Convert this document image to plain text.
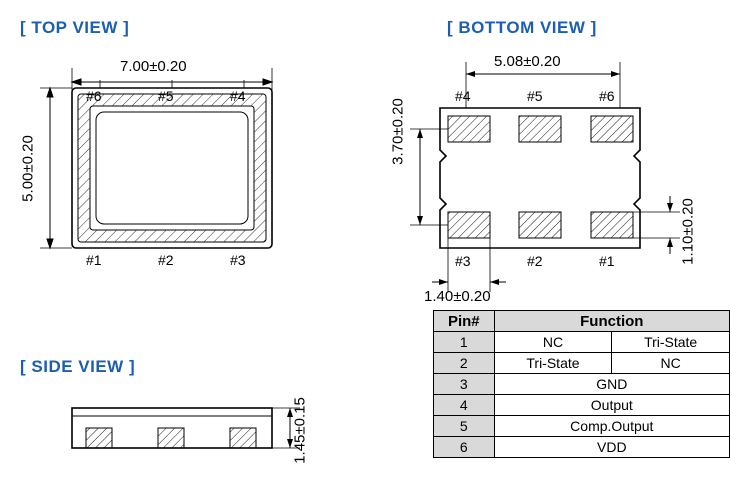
[ TOP VIEW ]	[ BOTTOM VIEW ]
[ SIDE VIEW ]
7.00±0.20
5.00±0.20
#6	#5	#4
#1	#2	#3
5.08±0.20
3.70±0.20
1.10±0.20
1.40±0.20
#4	#5	#6
#3	#2	#1
1.45±0.15
Pin#	Function	
1	NC	Tri-State
2	Tri-State	NC
3	GND	
4	Output	
5	Comp.Output	
6	VDD	
